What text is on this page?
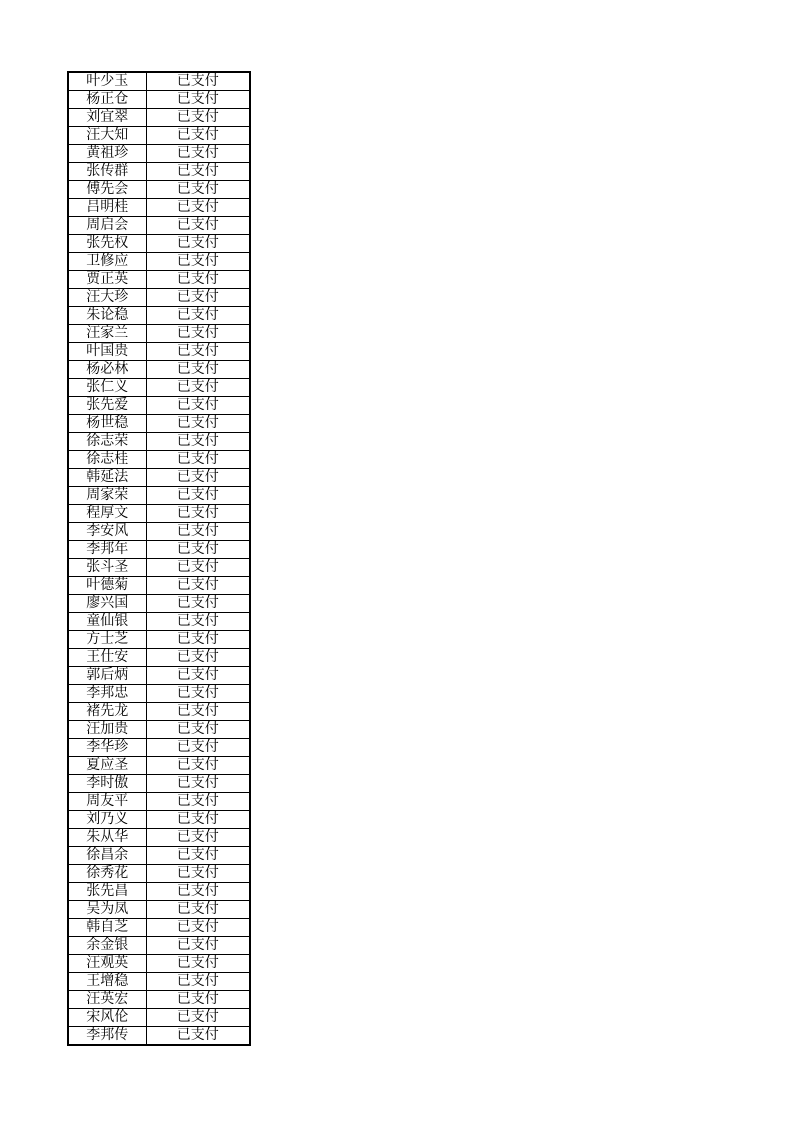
叶少玉	已支付
杨正仓	已支付
刘宜翠	已支付
汪大知	已支付
黄祖珍	已支付
张传群	已支付
傅先会	已支付
吕明桂	已支付
周启会	已支付
张先权	已支付
卫修应	已支付
贾正英	已支付
汪大珍	已支付
朱论稳	已支付
汪家兰	已支付
叶国贵	已支付
杨必林	已支付
张仁义	已支付
张先爱	已支付
杨世稳	已支付
徐志荣	已支付
徐志桂	已支付
韩延法	已支付
周家荣	已支付
程厚文	已支付
李安风	已支付
李邦年	已支付
张斗圣	已支付
叶德菊	已支付
廖兴国	已支付
童仙银	已支付
方士芝	已支付
王仕安	已支付
郭后炳	已支付
李邦忠	已支付
褚先龙	已支付
汪加贵	已支付
李华珍	已支付
夏应圣	已支付
李时傲	已支付
周友平	已支付
刘乃义	已支付
朱从华	已支付
徐昌余	已支付
徐秀花	已支付
张先昌	已支付
吴为凤	已支付
韩自芝	已支付
余金银	已支付
汪观英	已支付
王增稳	已支付
汪英宏	已支付
宋风伦	已支付
李邦传	已支付
